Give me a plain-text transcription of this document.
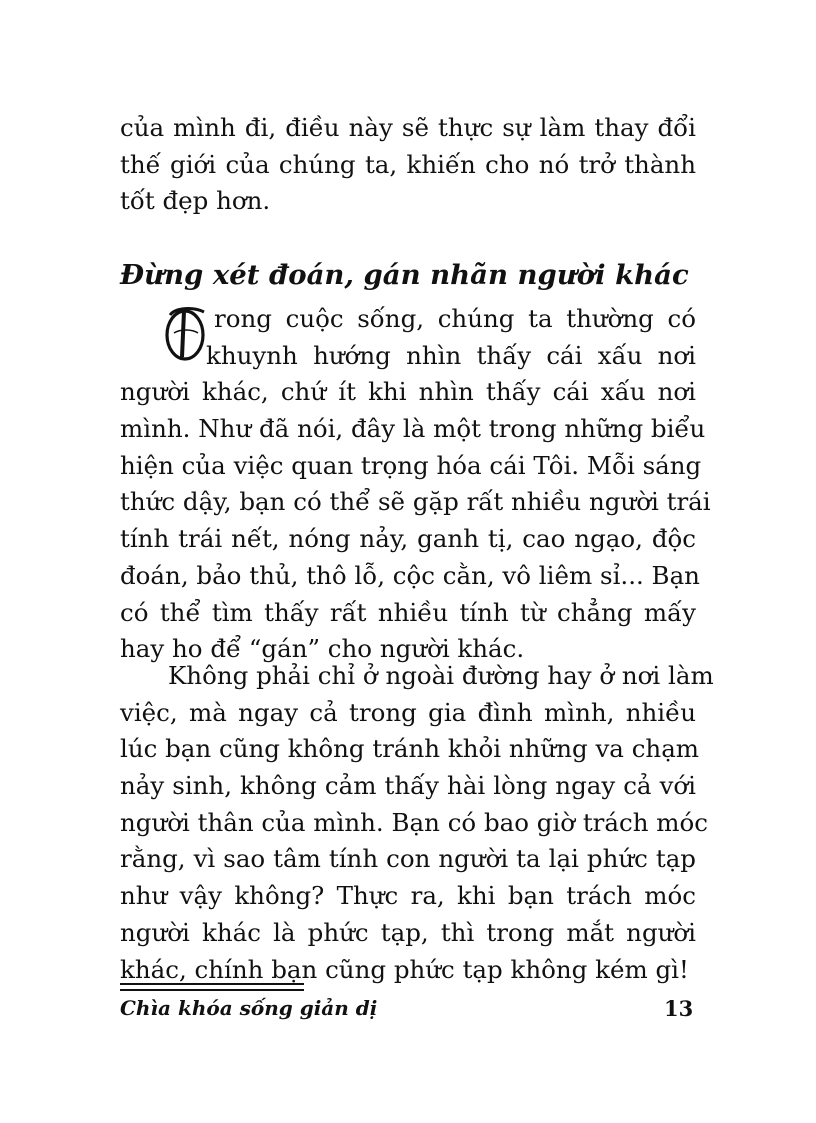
của mình đi, điều này sẽ thực sự làm thay đổi
thế giới của chúng ta, khiến cho nó trở thành
tốt đẹp hơn.
Đừng xét đoán, gán nhãn người khác
T
rong cuộc sống, chúng ta thường có
khuynh hướng nhìn thấy cái xấu nơi
người khác, chứ ít khi nhìn thấy cái xấu nơi
mình. Như đã nói, đây là một trong những biểu
hiện của việc quan trọng hóa cái Tôi. Mỗi sáng
thức dậy, bạn có thể sẽ gặp rất nhiều người trái
tính trái nết, nóng nảy, ganh tị, cao ngạo, độc
đoán, bảo thủ, thô lỗ, cộc cằn, vô liêm sỉ... Bạn
có thể tìm thấy rất nhiều tính từ chẳng mấy
hay ho để “gán” cho người khác.
Không phải chỉ ở ngoài đường hay ở nơi làm
việc, mà ngay cả trong gia đình mình, nhiều
lúc bạn cũng không tránh khỏi những va chạm
nảy sinh, không cảm thấy hài lòng ngay cả với
người thân của mình. Bạn có bao giờ trách móc
rằng, vì sao tâm tính con người ta lại phức tạp
như vậy không? Thực ra, khi bạn trách móc
người khác là phức tạp, thì trong mắt người
khác, chính bạn cũng phức tạp không kém gì!
Chìa khóa sống giản dị	13
